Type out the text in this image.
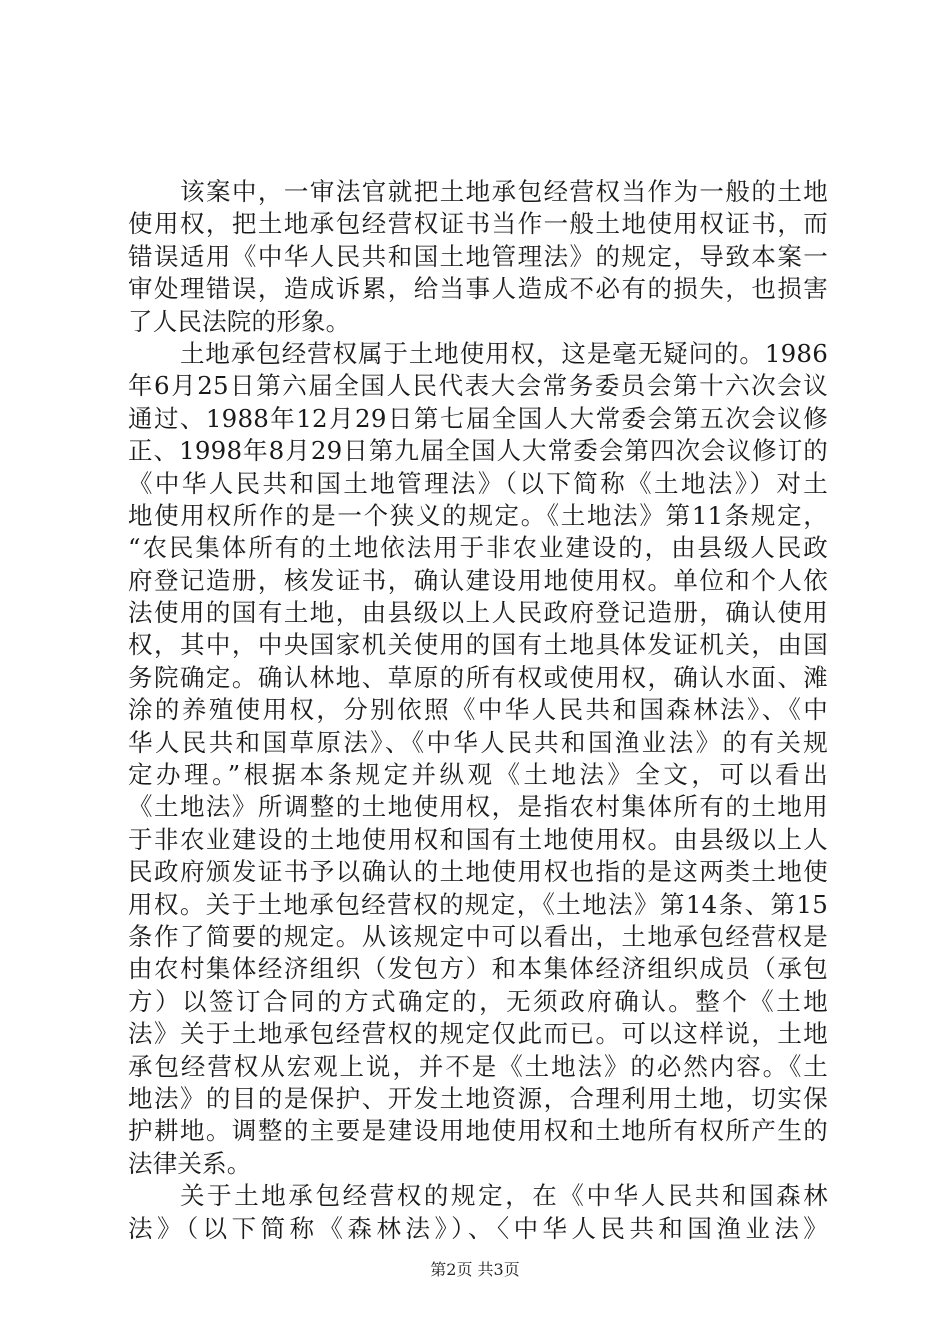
该案中，一审法官就把土地承包经营权当作为一般的土地
使用权，把土地承包经营权证书当作一般土地使用权证书，而
错误适用《中华人民共和国土地管理法》的规定，导致本案一
审处理错误，造成诉累，给当事人造成不必有的损失，也损害
了人民法院的形象。
土地承包经营权属于土地使用权，这是毫无疑问的。1986
年6月25日第六届全国人民代表大会常务委员会第十六次会议
通过、1988年12月29日第七届全国人大常委会第五次会议修
正、1998年8月29日第九届全国人大常委会第四次会议修订的
《中华人民共和国土地管理法》（以下简称《土地法》）对土
地使用权所作的是一个狭义的规定。《土地法》第11条规定，
“农民集体所有的土地依法用于非农业建设的，由县级人民政
府登记造册，核发证书，确认建设用地使用权。单位和个人依
法使用的国有土地，由县级以上人民政府登记造册，确认使用
权，其中，中央国家机关使用的国有土地具体发证机关，由国
务院确定。确认林地、草原的所有权或使用权，确认水面、滩
涂的养殖使用权，分别依照《中华人民共和国森林法》、《中
华人民共和国草原法》、《中华人民共和国渔业法》的有关规
定办理。”根据本条规定并纵观《土地法》全文，可以看出
《土地法》所调整的土地使用权，是指农村集体所有的土地用
于非农业建设的土地使用权和国有土地使用权。由县级以上人
民政府颁发证书予以确认的土地使用权也指的是这两类土地使
用权。关于土地承包经营权的规定，《土地法》第14条、第15
条作了简要的规定。从该规定中可以看出，土地承包经营权是
由农村集体经济组织（发包方）和本集体经济组织成员（承包
方）以签订合同的方式确定的，无须政府确认。整个《土地
法》关于土地承包经营权的规定仅此而已。可以这样说，土地
承包经营权从宏观上说，并不是《土地法》的必然内容。《土
地法》的目的是保护、开发土地资源，合理利用土地，切实保
护耕地。调整的主要是建设用地使用权和土地所有权所产生的
法律关系。
关于土地承包经营权的规定，在《中华人民共和国森林
法》（以下简称《森林法》）、〈中华人民共和国渔业法》
第2页 共3页
